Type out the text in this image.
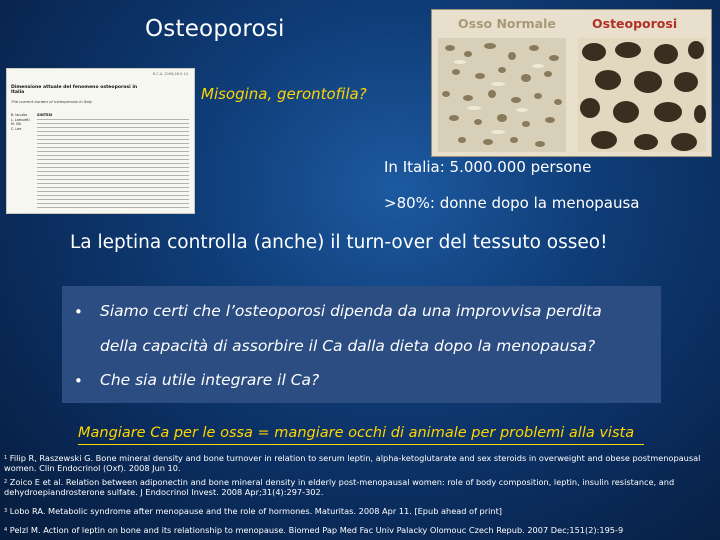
Osteoporosi
R.C.A. 2006;28:3-14
Dimensione attuale del fenomeno osteoporosi in Italia
The current burden of osteoporosis in Italy
B. Ianuilio
L. Lamuetti
M. Gili
C. Lee
SINTESI
Osso Normale	Osteoporosi
Misogina, gerontofila?
In Italia: 5.000.000 persone
>80%: donne dopo la menopausa
La leptina controlla (anche) il turn-over del tessuto osseo!
• Siamo certi che l’osteoporosi dipenda da una improvvisa perdita
della capacità di assorbire il Ca dalla dieta dopo la menopausa?
• Che sia utile integrare il Ca?
Mangiare Ca per le ossa = mangiare occhi di animale per problemi alla vista
$^1$ Filip R, Raszewski G. Bone mineral density and bone turnover in relation to serum leptin, alpha-ketoglutarate and sex steroids in overweight and obese postmenopausal women. Clin Endocrinol (Oxf). 2008 Jun 10.
$^2$ Zoico E et al. Relation between adiponectin and bone mineral density in elderly post-menopausal women: role of body composition, leptin, insulin resistance, and dehydroepiandrosterone sulfate. J Endocrinol Invest. 2008 Apr;31(4):297-302.
$^3$ Lobo RA. Metabolic syndrome after menopause and the role of hormones. Maturitas. 2008 Apr 11. [Epub ahead of print]
$^4$ Pelzl M. Action of leptin on bone and its relationship to menopause. Biomed Pap Med Fac Univ Palacky Olomouc Czech Repub. 2007 Dec;151(2):195-9
